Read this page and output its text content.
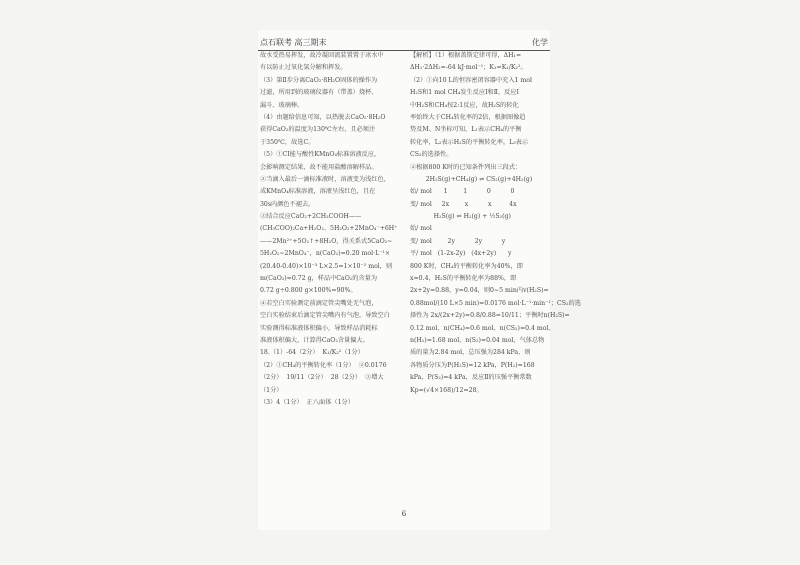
点石联考 高三期末	化学
故水受热易挥发，故冷凝回流装置置于冰水中
有以防止过氧化氢分解和挥发。
（3）第Ⅱ步分离CaO₂·8H₂O固体的操作为
过滤，所用到的玻璃仪器有（带盖）烧杯、
漏斗、玻璃棒。
（4）由题给信息可知，以热脱去CaO₂·8H₂O
获得CaO₂的温度为130℃左右，且必须注
于350℃，故选C。
（5）①CI能与酸性KMnO₄标准溶液反应，
会影响测定结果，故不能用盐酸溶解样品。
②当滴入最后一滴标准液时，溶液变为浅红色，
成KMnO₄标准溶液，溶液呈浅红色，且在
30s内颜色不褪去。
③结合反应CaO₂+2CH₃COOH——
(CH₃COO)₂Ca+H₂O₂、5H₂O₂+2MnO₄⁻+6H⁺
——2Mn²⁺+5O₂↑+8H₂O，得关系式5CaO₂~
5H₂O₂~2MnO₄⁻，n(CaO₂)=0.20 mol·L⁻¹×
(20.40-0.40)×10⁻³ L×2.5=1×10⁻² mol，则
m(CaO₂)=0.72 g，样品中CaO₂的含量为
0.72 g÷0.800 g×100%=90%。
④若空白实验测定前滴定管尖嘴处无气泡，
空白实验结束后滴定管尖嘴内有气泡，导致空白
实验测得标准液体积偏小，导致样品消耗标
准液体积偏大，计算得CaO₂含量偏大。
18.（1）-64（2分）  K₁/K₂²（1分）
（2）①CH₄的平衡转化率（1分）  ②0.0176
（2分）  19/11（2分）  28（2分）  ③增大
（1分）
（3）4（1分）  正八面体（1分）
【解析】（1）根据盖斯定律可得，ΔH₁=
ΔH₁·2ΔH₂=-64 kJ·mol⁻¹；K₃=K₁/K₂²。
（2）①向10 L的恒容密闭容器中充入1 mol
H₂S和1 mol CH₄发生反应Ⅰ和Ⅱ，反应Ⅰ
中H₂S和CH₄按2:1反应，故H₂S的转化
率始终大于CH₄转化率的2倍，根据图像趋
势及M、N坐标可知，L₁表示CH₄的平衡
转化率，L₂表示H₂S的平衡转化率，L₃表示
CS₂的选择性。
②根据800 K时的已知条件列出三段式：
2H₂S(g)+CH₄(g) ⇌ CS₂(g)+4H₂(g)
始/ mol      1        1          0          0
变/ mol     2x        x          x         4x
H₂S(g) ⇌ H₂(g) + ½S₂(g)
始/ mol
变/ mol        2y          2y          y
平/ mol   (1-2x-2y)   (4x+2y)      y
800 K时，CH₄的平衡转化率为40%，即
x=0.4，H₂S的平衡转化率为88%，即
2x+2y=0.88，y=0.04，则0~5 min内v(H₂S)=
0.88mol/(10 L×5 min)=0.0176 mol·L⁻¹·min⁻¹；CS₂的选
择性为 2x/(2x+2y)=0.8/0.88=10/11；平衡时n(H₂S)=
0.12 mol、n(CH₄)=0.6 mol、n(CS₂)=0.4 mol、
n(H₂)=1.68 mol、n(S₂)=0.04 mol，气体总物
质的量为2.84 mol，总压强为284 kPa，则
各物质分压为P(H₂S)=12 kPa，P(H₂)=168
kPa，P(S₂)=4 kPa，反应Ⅱ的压强平衡常数
Kp=(√4×168)/12=28。
6
